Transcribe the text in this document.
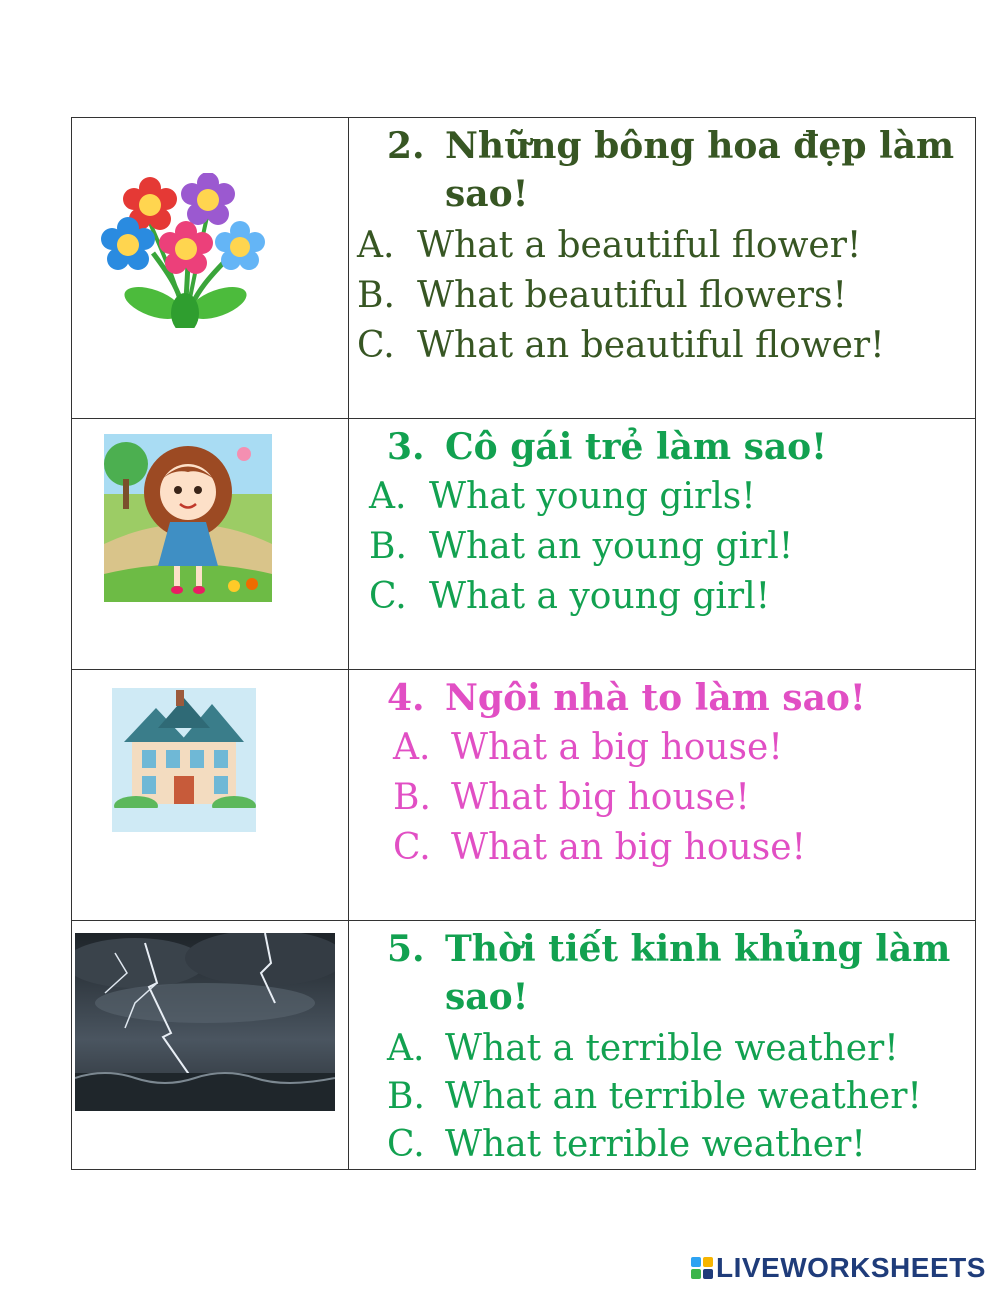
2. Những bông hoa đẹp làm sao!
A. What a beautiful flower!
B. What beautiful flowers!
C. What an beautiful flower!

3. Cô gái trẻ làm sao!
A. What young girls!
B. What an young girl!
C. What a young girl!

4. Ngôi nhà to làm sao!
A. What a big house!
B. What big house!
C. What an big house!

5. Thời tiết kinh khủng làm sao!
A. What a terrible weather!
B. What an terrible weather!
C. What terrible weather!
LIVEWORKSHEETS
